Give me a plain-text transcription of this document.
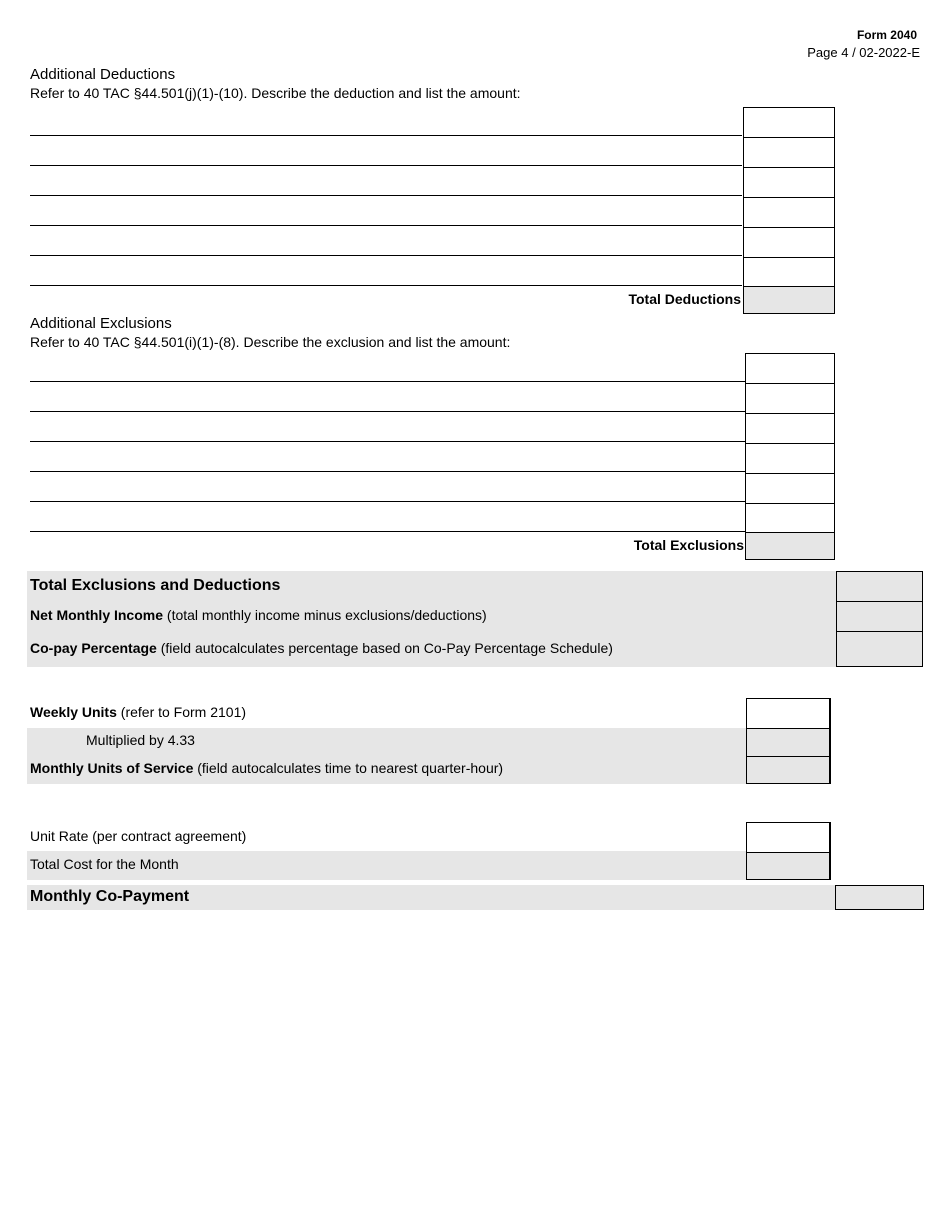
Form 2040
Page 4 / 02-2022-E
Additional Deductions
Refer to 40 TAC §44.501(j)(1)-(10). Describe the deduction and list the amount:
Total Deductions
Additional Exclusions
Refer to 40 TAC §44.501(i)(1)-(8). Describe the exclusion and list the amount:
Total Exclusions
Total Exclusions and Deductions
Net Monthly Income (total monthly income minus exclusions/deductions)
Co-pay Percentage (field autocalculates percentage based on Co-Pay Percentage Schedule)
Weekly Units (refer to Form 2101)
Multiplied by 4.33
Monthly Units of Service (field autocalculates time to nearest quarter-hour)
Unit Rate (per contract agreement)
Total Cost for the Month
Monthly Co-Payment
